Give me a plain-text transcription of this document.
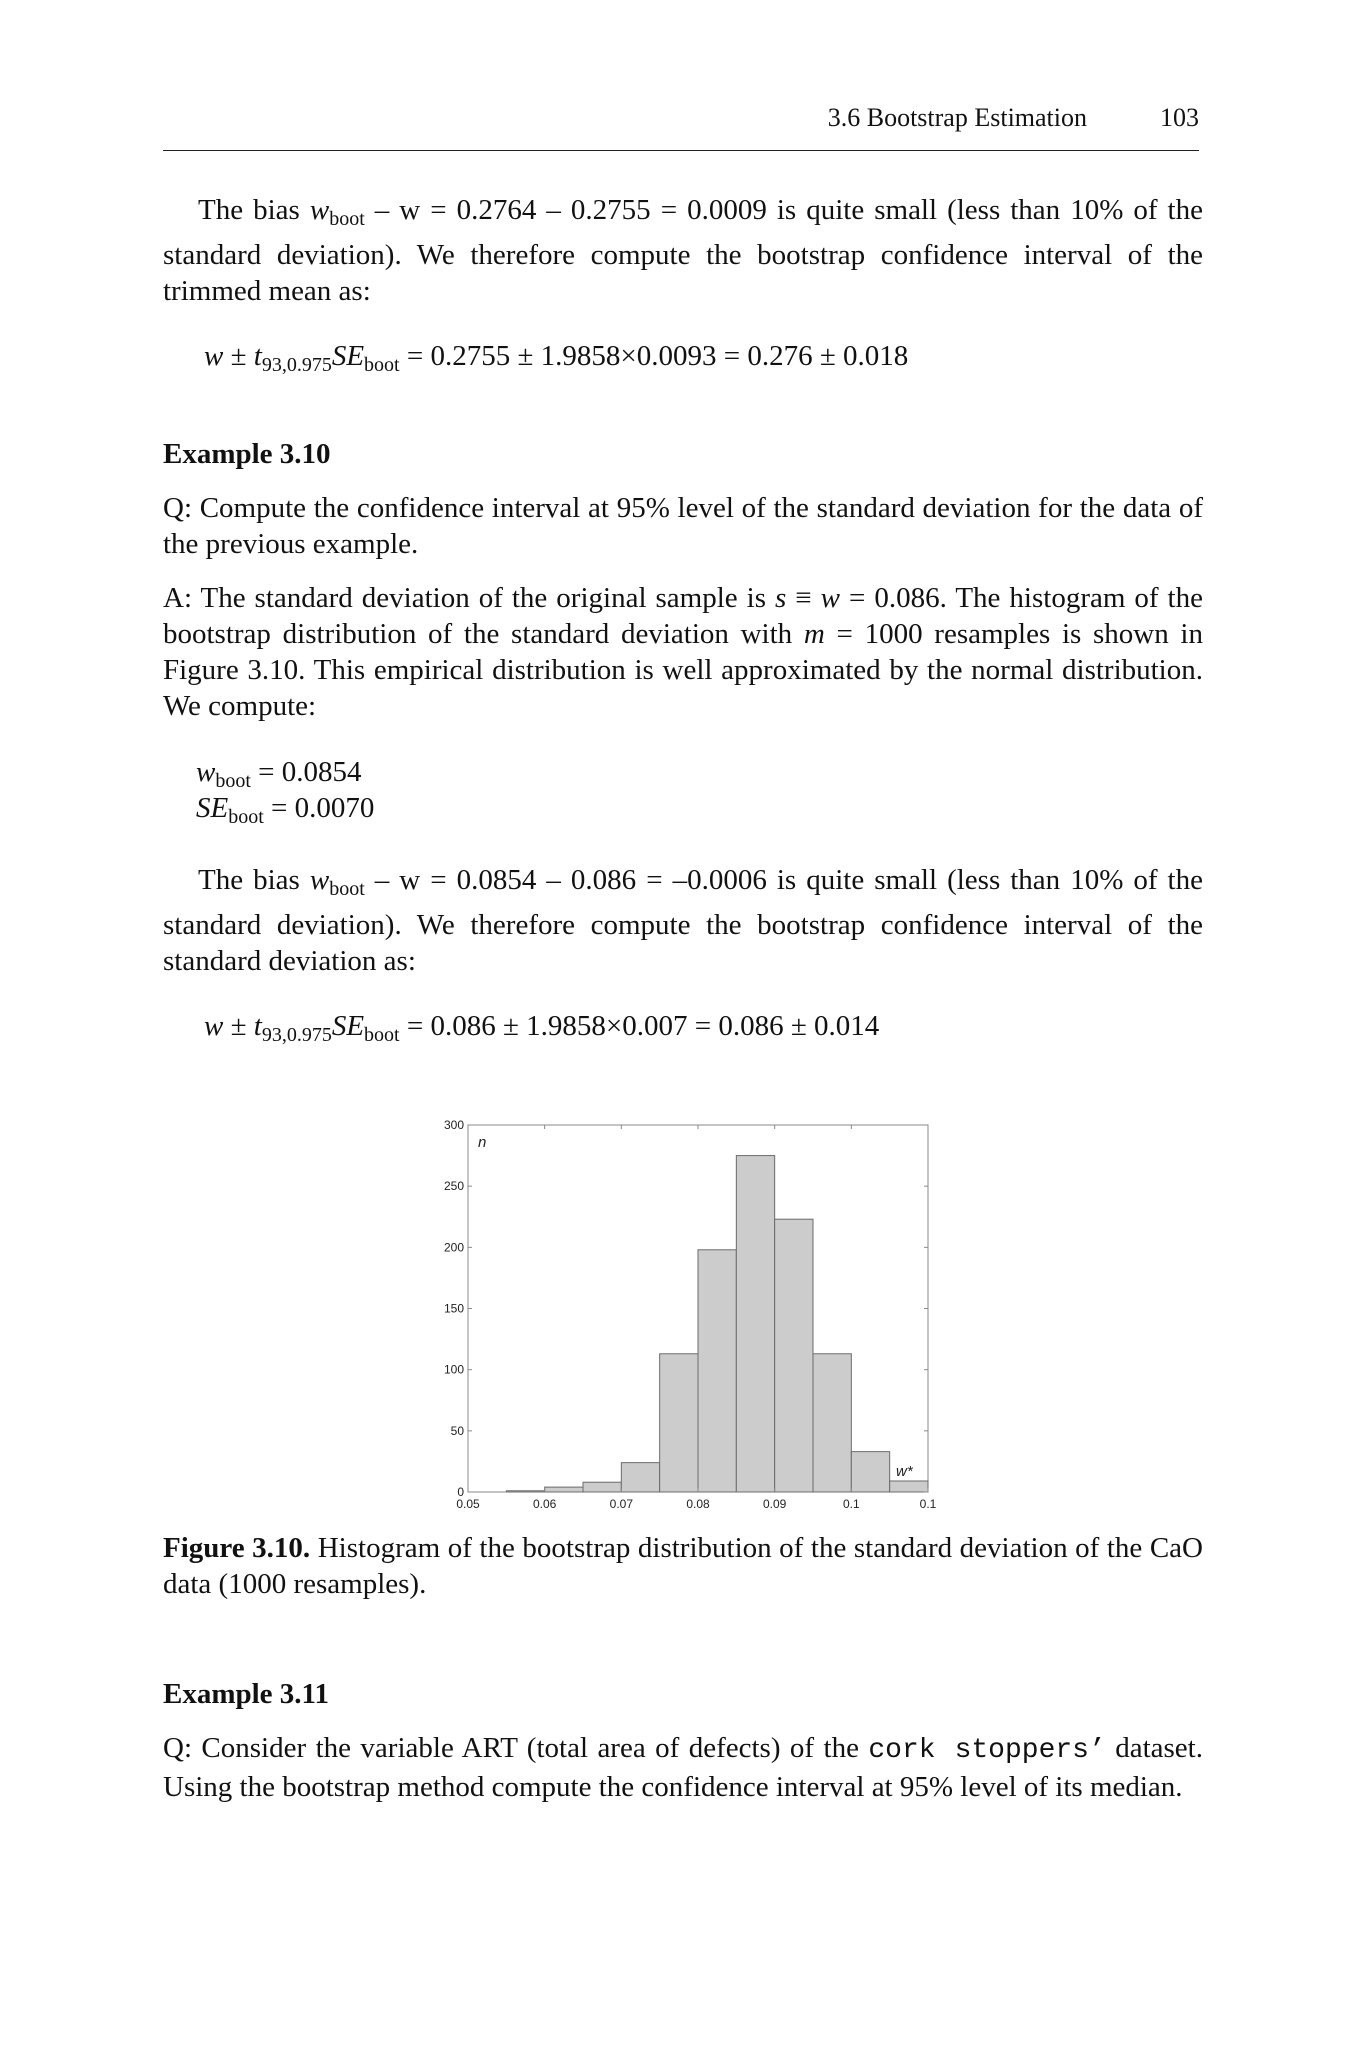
3.6 Bootstrap Estimation	103
The bias $w_{boot} - w = 0.2764 - 0.2755 = 0.0009$ is quite small (less than 10% of the standard deviation). We therefore compute the bootstrap confidence interval of the trimmed mean as:
$w \pm t_{93,0.975}SE_{boot} = 0.2755 \pm 1.9858\times 0.0093 = 0.276 \pm 0.018$
Example 3.10
Q: Compute the confidence interval at 95% level of the standard deviation for the data of the previous example.
A: The standard deviation of the original sample is s ≡ w = 0.086. The histogram of the bootstrap distribution of the standard deviation with m = 1000 resamples is shown in Figure 3.10. This empirical distribution is well approximated by the normal distribution. We compute:
$w_{boot} = 0.0854$
$SE_{boot} = 0.0070$
The bias $w_{boot} - w = 0.0854 - 0.086 = -0.0006$ is quite small (less than 10% of the standard deviation). We therefore compute the bootstrap confidence interval of the standard deviation as:
$w \pm t_{93,0.975}SE_{boot} = 0.086 \pm 1.9858\times 0.007 = 0.086 \pm 0.014$
0
50
100
150
200
250
300
0.05	0.06	0.07	0.08	0.09	0.1	0.1
n
w*
Figure 3.10. Histogram of the bootstrap distribution of the standard deviation of the CaO data (1000 resamples).
Example 3.11
Q: Consider the variable ART (total area of defects) of the cork stoppers’ dataset. Using the bootstrap method compute the confidence interval at 95% level of its median.
